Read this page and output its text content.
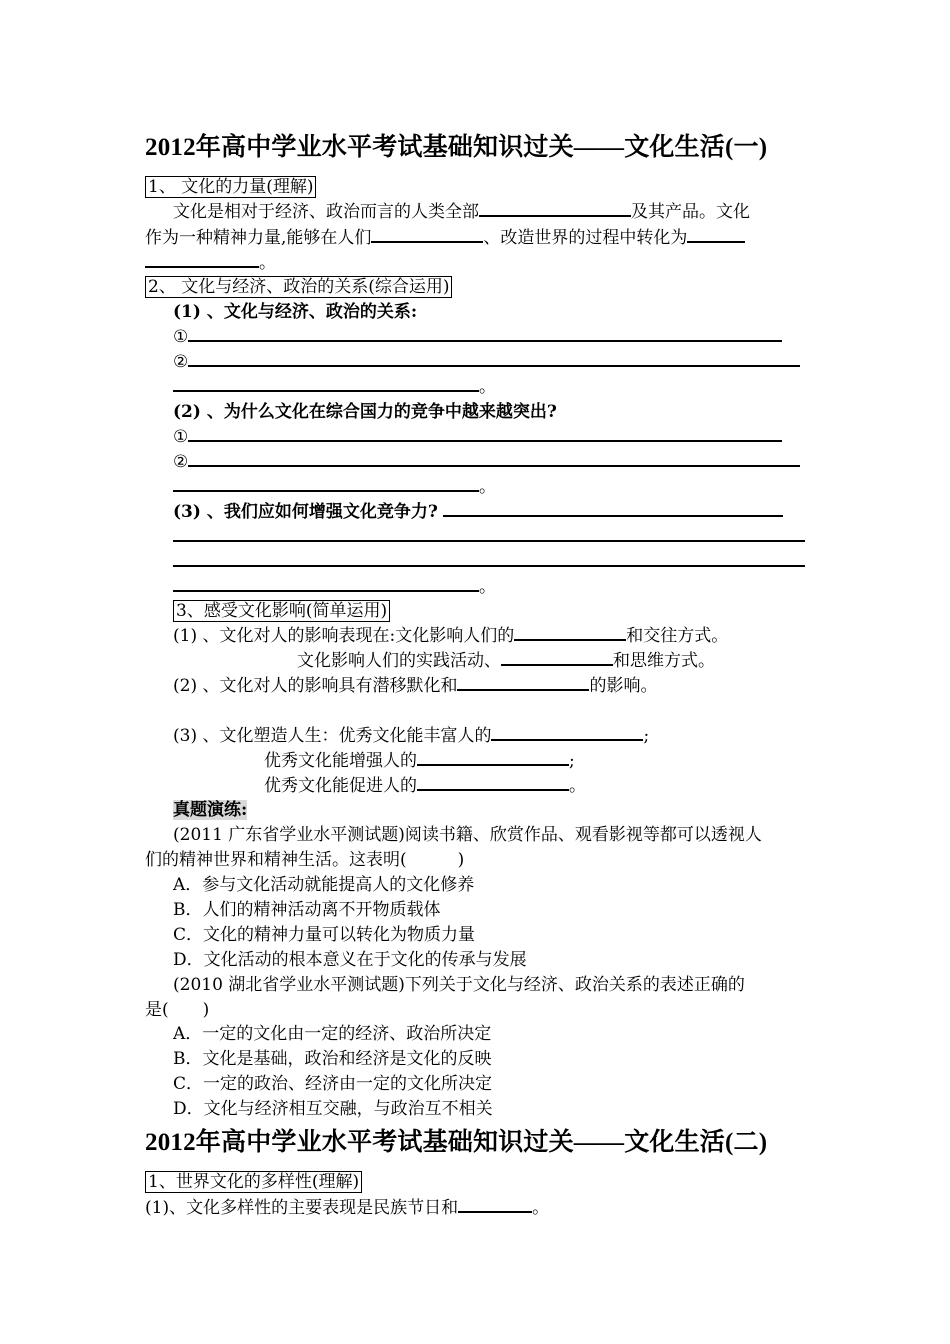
2012年高中学业水平考试基础知识过关——文化生活(一)
1、 文化的力量(理解)
文化是相对于经济、政治而言的人类全部	及其产品。文化
作为一种精神力量,能够在人们	、改造世界的过程中转化为
。
2、 文化与经济、政治的关系(综合运用)
(1) 、文化与经济、政治的关系:
①
②
。
(2) 、为什么文化在综合国力的竞争中越来越突出?
①
②
。
(3) 、我们应如何增强文化竞争力?
。
3、感受文化影响(简单运用)
(1) 、文化对人的影响表现在:文化影响人们的	和交往方式。
文化影响人们的实践活动、	和思维方式。
(2) 、文化对人的影响具有潜移默化和	的影响。
(3) 、文化塑造人生：优秀文化能丰富人的	;
优秀文化能增强人的	;
优秀文化能促进人的	。
真题演练:
(2011 广东省学业水平测试题)阅读书籍、欣赏作品、观看影视等都可以透视人
们的精神世界和精神生活。这表明(　　　)
A．参与文化活动就能提高人的文化修养
B．人们的精神活动离不开物质载体
C．文化的精神力量可以转化为物质力量
D．文化活动的根本意义在于文化的传承与发展
(2010 湖北省学业水平测试题)下列关于文化与经济、政治关系的表述正确的
是(　　)
A．一定的文化由一定的经济、政治所决定
B．文化是基础，政治和经济是文化的反映
C．一定的政治、经济由一定的文化所决定
D．文化与经济相互交融，与政治互不相关
2012年高中学业水平考试基础知识过关——文化生活(二)
1、世界文化的多样性(理解)
(1)、文化多样性的主要表现是民族节日和	。
